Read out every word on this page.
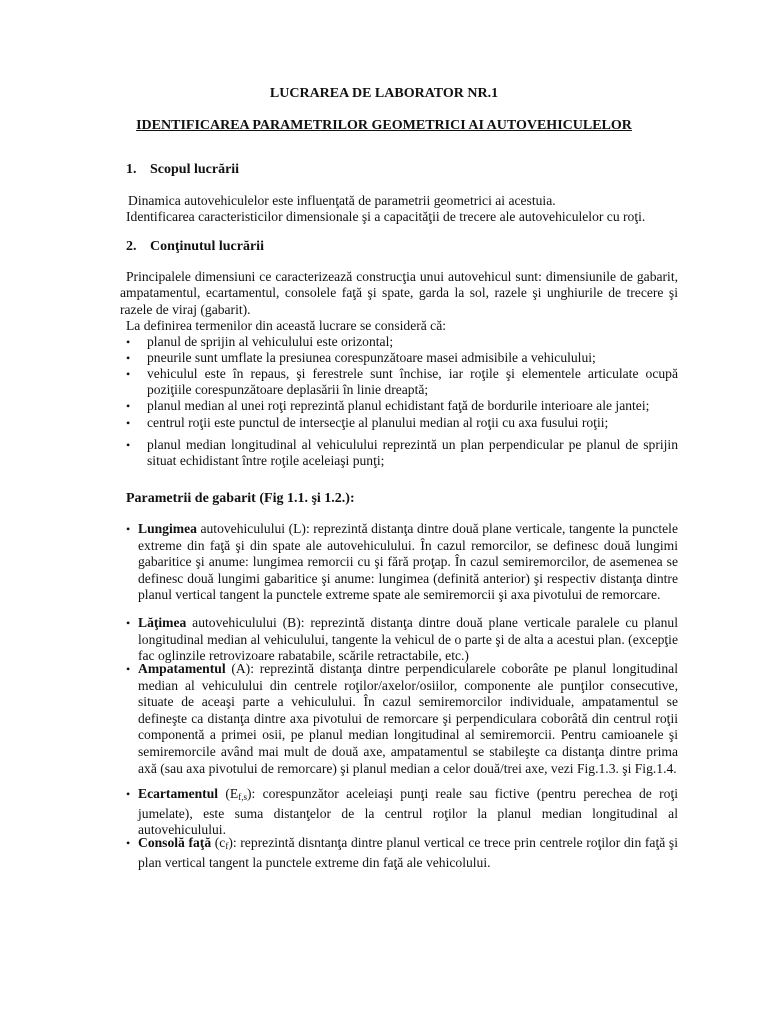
LUCRAREA DE LABORATOR NR.1
IDENTIFICAREA PARAMETRILOR GEOMETRICI AI AUTOVEHICULELOR
1. Scopul lucrării
Dinamica autovehiculelor este influenţată de parametrii geometrici ai acestuia.
Identificarea caracteristicilor dimensionale şi a capacităţii de trecere ale autovehiculelor cu roţi.
2. Conţinutul lucrării
Principalele dimensiuni ce caracterizează construcţia unui autovehicul sunt: dimensiunile de gabarit, ampatamentul, ecartamentul, consolele faţă şi spate, garda la sol, razele şi unghiurile de trecere şi razele de viraj (gabarit).
La definirea termenilor din această lucrare se consideră că:
• planul de sprijin al vehiculului este orizontal;
• pneurile sunt umflate la presiunea corespunzătoare masei admisibile a vehiculului;
• vehiculul este în repaus, şi ferestrele sunt închise, iar roţile şi elementele articulate ocupă poziţiile corespunzătoare deplasării în linie dreaptă;
• planul median al unei roţi reprezintă planul echidistant faţă de bordurile interioare ale jantei;
• centrul roţii este punctul de intersecţie al planului median al roţii cu axa fusului roţii;
• planul median longitudinal al vehiculului reprezintă un plan perpendicular pe planul de sprijin situat echidistant între roţile aceleiaşi punţi;
Parametrii de gabarit (Fig 1.1. şi 1.2.):
• Lungimea autovehiculului (L): reprezintă distanţa dintre două plane verticale, tangente la punctele extreme din faţă şi din spate ale autovehiculului. În cazul remorcilor, se definesc două lungimi gabaritice şi anume: lungimea remorcii cu şi fără proţap. În cazul semiremorcilor, de asemenea se definesc două lungimi gabaritice şi anume: lungimea (definită anterior) şi respectiv distanţa dintre planul vertical tangent la punctele extreme spate ale semiremorcii şi axa pivotului de remorcare.
• Lăţimea autovehiculului (B): reprezintă distanţa dintre două plane verticale paralele cu planul longitudinal median al vehiculului, tangente la vehicul de o parte şi de alta a acestui plan. (excepţie fac oglinzile retrovizoare rabatabile, scările retractabile, etc.)
• Ampatamentul (A): reprezintă distanţa dintre perpendicularele coborâte pe planul longitudinal median al vehiculului din centrele roţilor/axelor/osiilor, componente ale punţilor consecutive, situate de aceaşi parte a vehiculului. În cazul semiremorcilor individuale, ampatamentul se defineşte ca distanţa dintre axa pivotului de remorcare şi perpendiculara coborâtă din centrul roţii componentă a primei osii, pe planul median longitudinal al semiremorcii. Pentru camioanele şi semiremorcile având mai mult de două axe, ampatamentul se stabileşte ca distanţa dintre prima axă (sau axa pivotului de remorcare) şi planul median a celor două/trei axe, vezi Fig.1.3. şi Fig.1.4.
• Ecartamentul $(E_{f,s})$: corespunzător aceleiaşi punţi reale sau fictive (pentru perechea de roţi jumelate), este suma distanţelor de la centrul roţilor la planul median longitudinal al autovehiculului.
• Consolă faţă $(c_f)$: reprezintă disntanţa dintre planul vertical ce trece prin centrele roţilor din faţă şi plan vertical tangent la punctele extreme din faţă ale vehicolului.
